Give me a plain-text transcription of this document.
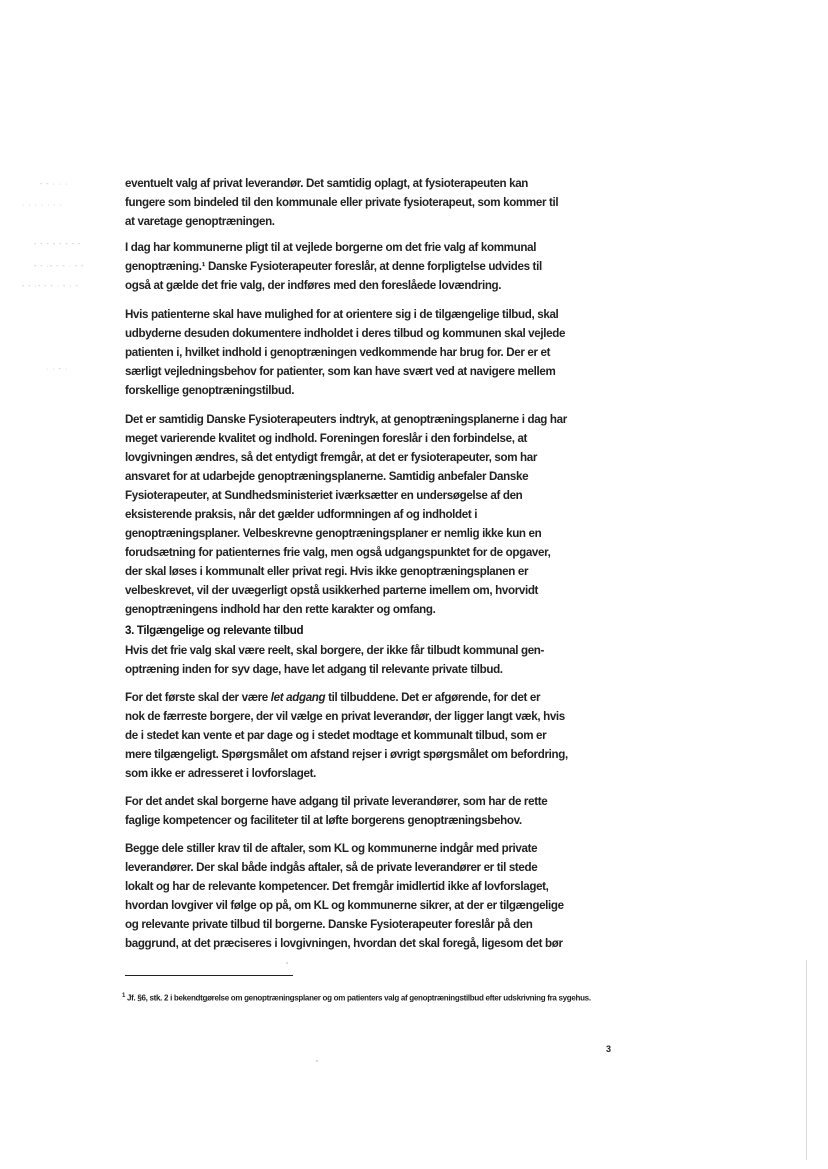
- - · · ·
· · · · · · ·
- - - - - - - -
- - ·- - - · - -
- - ·- - - · - · -
· · - ·
eventuelt valg af privat leverandør. Det samtidig oplagt, at fysioterapeuten kan
fungere som bindeled til den kommunale eller private fysioterapeut, som kommer til
at varetage genoptræningen.
I dag har kommunerne pligt til at vejlede borgerne om det frie valg af kommunal
genoptræning.¹ Danske Fysioterapeuter foreslår, at denne forpligtelse udvides til
også at gælde det frie valg, der indføres med den foreslåede lovændring.
Hvis patienterne skal have mulighed for at orientere sig i de tilgængelige tilbud, skal
udbyderne desuden dokumentere indholdet i deres tilbud og kommunen skal vejlede
patienten i, hvilket indhold i genoptræningen vedkommende har brug for. Der er et
særligt vejledningsbehov for patienter, som kan have svært ved at navigere mellem
forskellige genoptræningstilbud.
Det er samtidig Danske Fysioterapeuters indtryk, at genoptræningsplanerne i dag har
meget varierende kvalitet og indhold. Foreningen foreslår i den forbindelse, at
lovgivningen ændres, så det entydigt fremgår, at det er fysioterapeuter, som har
ansvaret for at udarbejde genoptræningsplanerne. Samtidig anbefaler Danske
Fysioterapeuter, at Sundhedsministeriet iværksætter en undersøgelse af den
eksisterende praksis, når det gælder udformningen af og indholdet i
genoptræningsplaner. Velbeskrevne genoptræningsplaner er nemlig ikke kun en
forudsætning for patienternes frie valg, men også udgangspunktet for de opgaver,
der skal løses i kommunalt eller privat regi. Hvis ikke genoptræningsplanen er
velbeskrevet, vil der uvægerligt opstå usikkerhed parterne imellem om, hvorvidt
genoptræningens indhold har den rette karakter og omfang.
3. Tilgængelige og relevante tilbud
Hvis det frie valg skal være reelt, skal borgere, der ikke får tilbudt kommunal gen-
optræning inden for syv dage, have let adgang til relevante private tilbud.
For det første skal der være let adgang til tilbuddene. Det er afgørende, for det er
nok de færreste borgere, der vil vælge en privat leverandør, der ligger langt væk, hvis
de i stedet kan vente et par dage og i stedet modtage et kommunalt tilbud, som er
mere tilgængeligt. Spørgsmålet om afstand rejser i øvrigt spørgsmålet om befordring,
som ikke er adresseret i lovforslaget.
For det andet skal borgerne have adgang til private leverandører, som har de rette
faglige kompetencer og faciliteter til at løfte borgerens genoptræningsbehov.
Begge dele stiller krav til de aftaler, som KL og kommunerne indgår med private
leverandører. Der skal både indgås aftaler, så de private leverandører er til stede
lokalt og har de relevante kompetencer. Det fremgår imidlertid ikke af lovforslaget,
hvordan lovgiver vil følge op på, om KL og kommunerne sikrer, at der er tilgængelige
og relevante private tilbud til borgerne. Danske Fysioterapeuter foreslår på den
baggrund, at det præciseres i lovgivningen, hvordan det skal foregå, ligesom det bør
$^1$ Jf. §6, stk. 2 i bekendtgørelse om genoptræningsplaner og om patienters valg af genoptræningstilbud efter udskrivning fra sygehus.
3
